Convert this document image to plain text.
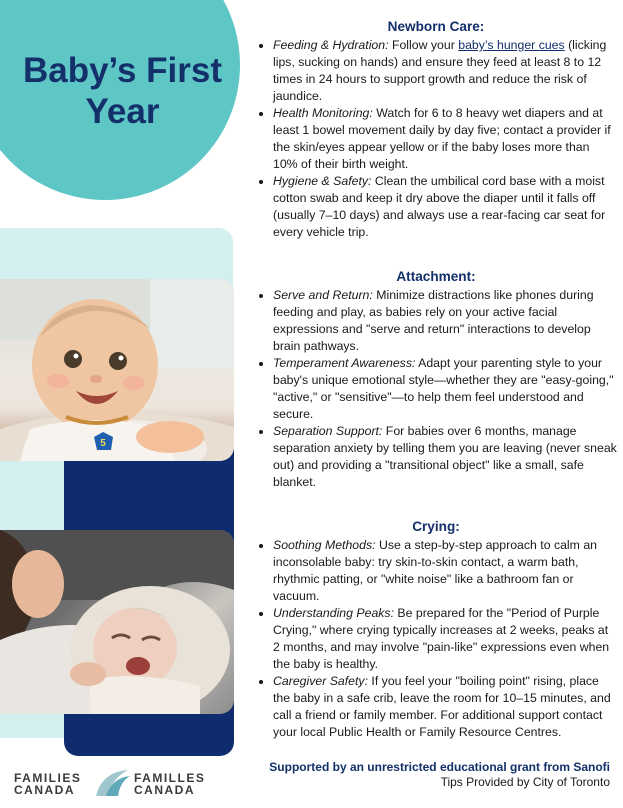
Baby’s First
Year
5
Newborn Care:
• Feeding & Hydration: Follow your baby’s hunger cues (licking lips, sucking on hands) and ensure they feed at least 8 to 12 times in 24 hours to support growth and reduce the risk of jaundice.
• Health Monitoring: Watch for 6 to 8 heavy wet diapers and at least 1 bowel movement daily by day five; contact a provider if the skin/eyes appear yellow or if the baby loses more than 10% of their birth weight.
• Hygiene & Safety: Clean the umbilical cord base with a moist cotton swab and keep it dry above the diaper until it falls off (usually 7–10 days) and always use a rear-facing car seat for every vehicle trip.
Attachment:
• Serve and Return: Minimize distractions like phones during feeding and play, as babies rely on your active facial expressions and "serve and return" interactions to develop brain pathways.
• Temperament Awareness: Adapt your parenting style to your baby's unique emotional style—whether they are "easy-going," "active," or "sensitive"—to help them feel understood and secure.
• Separation Support: For babies over 6 months, manage separation anxiety by telling them you are leaving (never sneak out) and providing a "transitional object" like a small, safe blanket.
Crying:
• Soothing Methods: Use a step-by-step approach to calm an inconsolable baby: try skin-to-skin contact, a warm bath, rhythmic patting, or "white noise" like a bathroom fan or vacuum.
• Understanding Peaks: Be prepared for the "Period of Purple Crying," where crying typically increases at 2 weeks, peaks at 2 months, and may involve "pain-like" expressions even when the baby is healthy.
• Caregiver Safety: If you feel your "boiling point" rising, place the baby in a safe crib, leave the room for 10–15 minutes, and call a friend or family member. For additional support contact your local Public Health or Family Resource Centres.
FAMILIES
CANADA
FAMILLES
CANADA
Supported by an unrestricted educational grant from Sanofi
Tips Provided by City of Toronto
